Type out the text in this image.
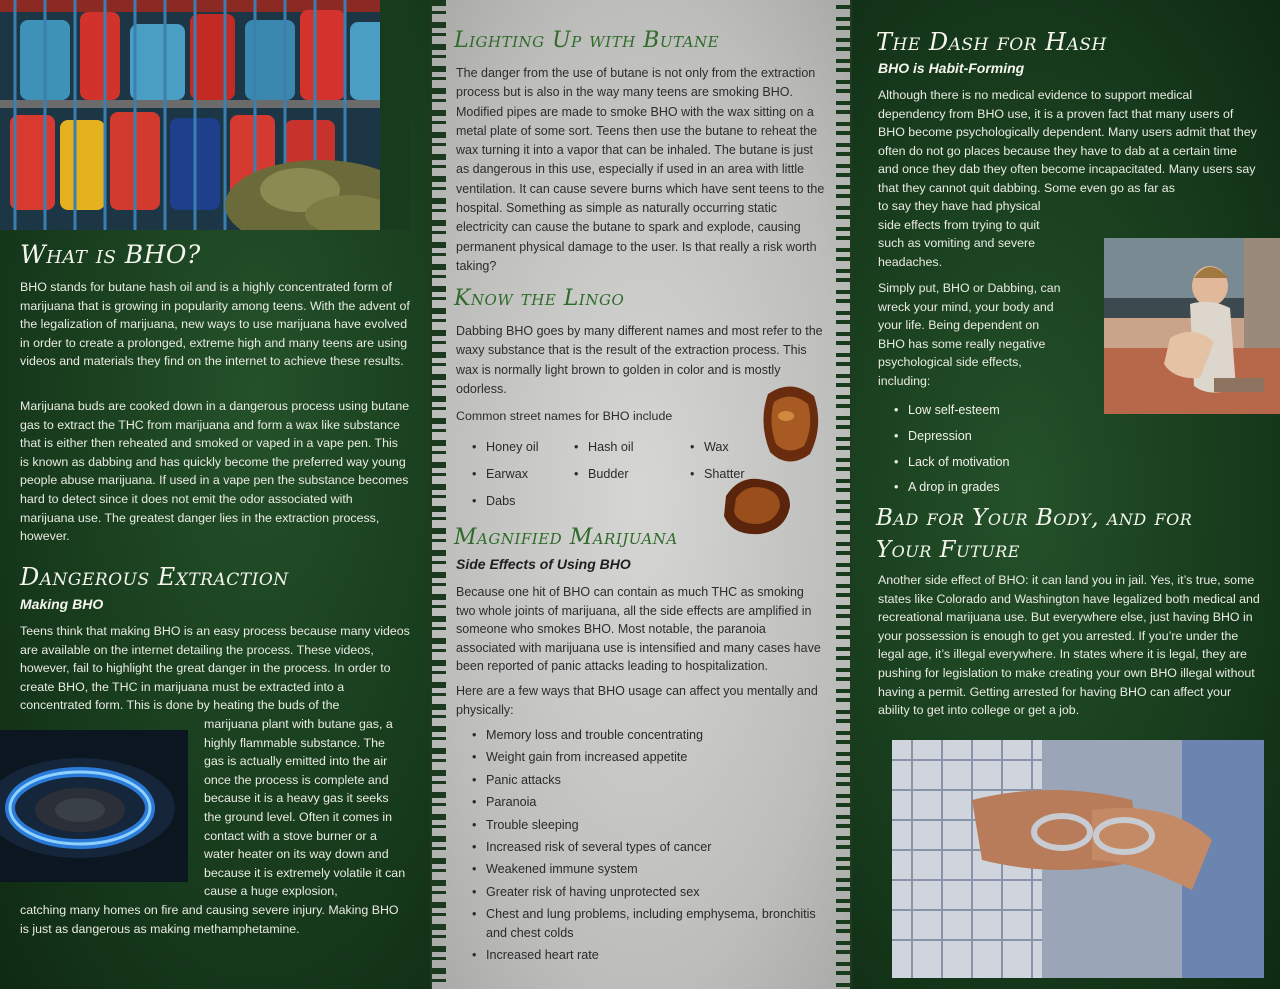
What is BHO?

BHO stands for butane hash oil and is a highly concentrated form of marijuana that is growing in popularity among teens. With the advent of the legalization of marijuana, new ways to use marijuana have evolved in order to create a prolonged, extreme high and many teens are using videos and materials they find on the internet to achieve these results.

Marijuana buds are cooked down in a dangerous process using butane gas to extract the THC from marijuana and form a wax like substance that is either then reheated and smoked or vaped in a vape pen. This is known as dabbing and has quickly become the preferred way young people abuse marijuana. If used in a vape pen the substance becomes hard to detect since it does not emit the odor associated with marijuana use. The greatest danger lies in the extraction process, however.

Dangerous Extraction
Making BHO

Teens think that making BHO is an easy process because many videos are available on the internet detailing the process. These videos, however, fail to highlight the great danger in the process. In order to create BHO, the THC in marijuana must be extracted into a concentrated form. This is done by heating the buds of the

marijuana plant with butane gas, a highly flammable substance. The gas is actually emitted into the air once the process is complete and because it is a heavy gas it seeks the ground level. Often it comes in contact with a stove burner or a water heater on its way down and because it is extremely volatile it can cause a huge explosion,

catching many homes on fire and causing severe injury. Making BHO is just as dangerous as making methamphetamine.

Lighting Up with Butane

The danger from the use of butane is not only from the extraction process but is also in the way many teens are smoking BHO. Modified pipes are made to smoke BHO with the wax sitting on a metal plate of some sort. Teens then use the butane to reheat the wax turning it into a vapor that can be inhaled. The butane is just as dangerous in this use, especially if used in an area with little ventilation. It can cause severe burns which have sent teens to the hospital. Something as simple as naturally occurring static electricity can cause the butane to spark and explode, causing permanent physical damage to the user. Is that really a risk worth taking?

Know the Lingo

Dabbing BHO goes by many different names and most refer to the waxy substance that is the result of the extraction process. This wax is normally light brown to golden in color and is mostly odorless.

Common street names for BHO include

• Honey oil
• Earwax
• Dabs
• Hash oil
• Budder
• Wax
• Shatter
Magnified Marijuana
Side Effects of Using BHO

Because one hit of BHO can contain as much THC as smoking two whole joints of marijuana, all the side effects are amplified in someone who smokes BHO. Most notable, the paranoia associated with marijuana use is intensified and many cases have been reported of panic attacks leading to hospitalization.

Here are a few ways that BHO usage can affect you mentally and physically:

• Memory loss and trouble concentrating
• Weight gain from increased appetite
• Panic attacks
• Paranoia
• Trouble sleeping
• Increased risk of several types of cancer
• Weakened immune system
• Greater risk of having unprotected sex
• Chest and lung problems, including emphysema, bronchitis and chest colds
• Increased heart rate
The Dash for Hash
BHO is Habit-Forming

Although there is no medical evidence to support medical dependency from BHO use, it is a proven fact that many users of BHO become psychologically dependent. Many users admit that they often do not go places because they have to dab at a certain time and once they dab they often become incapacitated. Many users say that they cannot quit dabbing. Some even go as far as

to say they have had physical side effects from trying to quit such as vomiting and severe headaches.

Simply put, BHO or Dabbing, can wreck your mind, your body and your life. Being dependent on BHO has some really negative psychological side effects, including:

• Low self-esteem
• Depression
• Lack of motivation
• A drop in grades
Bad for Your Body, and for Your Future

Another side effect of BHO: it can land you in jail. Yes, it’s true, some states like Colorado and Washington have legalized both medical and recreational marijuana use. But everywhere else, just having BHO in your possession is enough to get you arrested. If you’re under the legal age, it’s illegal everywhere. In states where it is legal, they are pushing for legislation to make creating your own BHO illegal without having a permit. Getting arrested for having BHO can affect your ability to get into college or get a job.
